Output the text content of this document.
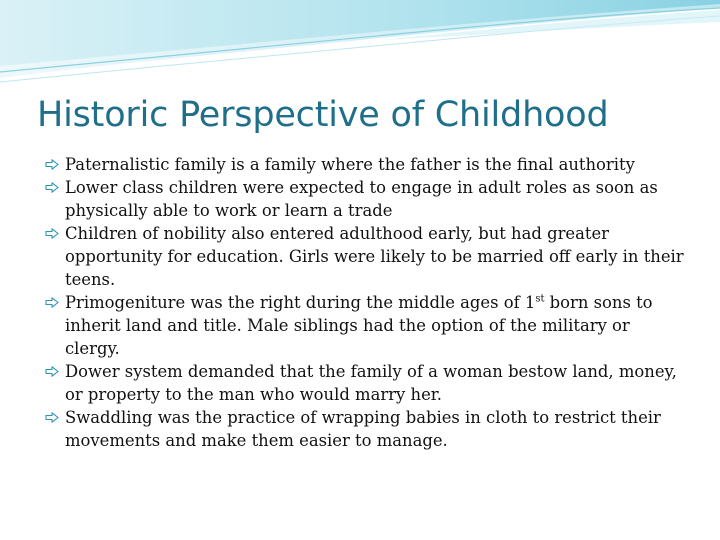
Historic Perspective of Childhood
Paternalistic family is a family where the father is the final authority
Lower class children were expected to engage in adult roles as soon as physically able to work or learn a trade
Children of nobility also entered adulthood early, but had greater opportunity for education. Girls were likely to be married off early in their teens.
Primogeniture was the right during the middle ages of 1st born sons to inherit land and title. Male siblings had the option of the military or clergy.
Dower system demanded that the family of a woman bestow land, money, or property to the man who would marry her.
Swaddling was the practice of wrapping babies in cloth to restrict their movements and make them easier to manage.
